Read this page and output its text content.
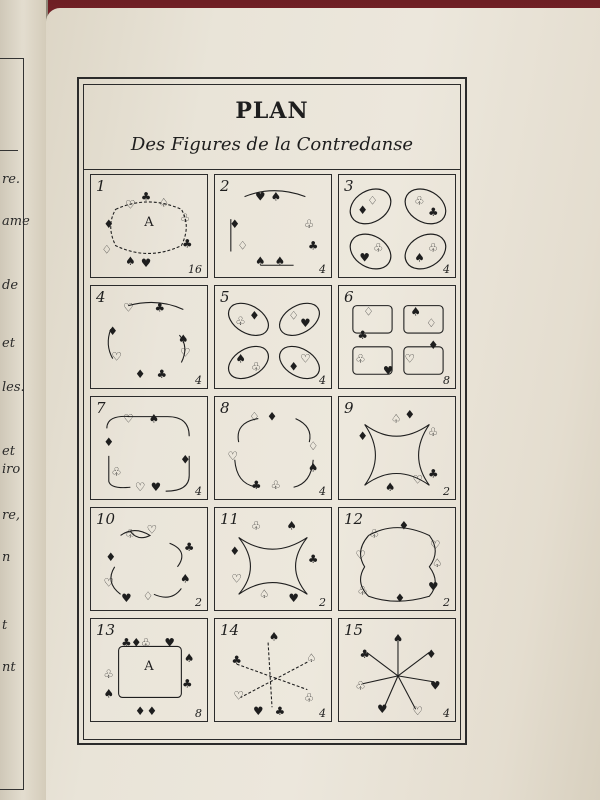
re.
ame
de
et
les.
et
iro
re,
n
t
nt
PLAN
Des Figures de la Contredanse
♡
♣ ♤
♧
♣
♥
♠
♢
♦
1
16
A
♥ ♠
♧
♣
♦
♢
♠ ♠
2
4
♦
♢
♣
♧
♥
♧
♠
♧
3
4
♡ ♣
♦
♡
♠
♡
♦ ♣
4
4
♧ ♦ ♢
♥
♠
♧ ♦
♡
5
4
♢	♠
♢
♣
♧
♥
♡
♦
6
8
♡ ♠
♦
♦
♧
♥
♡
7
4
♢ ♦
♢
♡
♠
♣ ♧
8
4
♦
♤
♧
♣
♠
♡
♦
9
2
♧ ♡
♣
♦
♡	♠
♢
♥
10
2
♧ ♠
♦
♡
♣
♤ ♥
11
2
♧
♦
♡
♤
♥
♦
♧
♡
12
2
♣ ♦ ♧ ♥
♠
♣
♦ ♦
♧
♠
13
8
A
♠
♣	♤
♡	♧
♥ ♣
14
4
♠
♣	♦
♧	♥
♥ ♡
15
4
